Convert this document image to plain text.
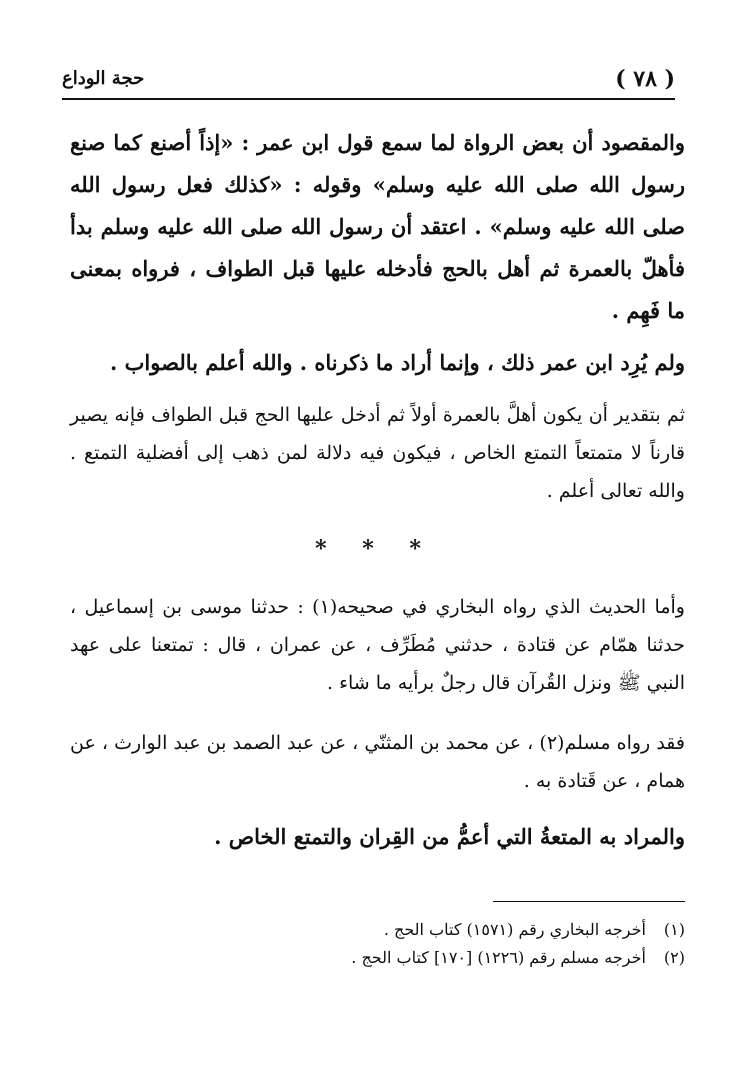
( ٧٨ )
حجة الوداع

والمقصود أن بعض الرواة لما سمع قول ابن عمر : «إذاً أصنع كما صنع رسول الله صلى الله عليه وسلم» وقوله : «كذلك فعل رسول الله صلى الله عليه وسلم» . اعتقد أن رسول الله صلى الله عليه وسلم بدأ فأهلّ بالعمرة ثم أهل بالحج فأدخله عليها قبل الطواف ، فرواه بمعنى ما فَهِم .

ولم يُرِد ابن عمر ذلك ، وإنما أراد ما ذكرناه . والله أعلم بالصواب .

ثم بتقدير أن يكون أهلَّ بالعمرة أولاً ثم أدخل عليها الحج قبل الطواف فإنه يصير قارناً لا متمتعاً التمتع الخاص ، فيكون فيه دلالة لمن ذهب إلى أفضلية التمتع . والله تعالى أعلم .

* * *

وأما الحديث الذي رواه البخاري في صحيحه(١) : حدثنا موسى بن إسماعيل ، حدثنا همّام عن قتادة ، حدثني مُطَرِّف ، عن عمران ، قال : تمتعنا على عهد النبي ﷺ ونزل القُرآن قال رجلٌ برأيه ما شاء .

فقد رواه مسلم(٢) ، عن محمد بن المثنّي ، عن عبد الصمد بن عبد الوارث ، عن همام ، عن قَتادة به .

والمراد به المتعةُ التي أعمُّ من القِران والتمتع الخاص .

(١) أخرجه البخاري رقم (١٥٧١) كتاب الحج .

(٢) أخرجه مسلم رقم (١٢٢٦) [١٧٠] كتاب الحج .
